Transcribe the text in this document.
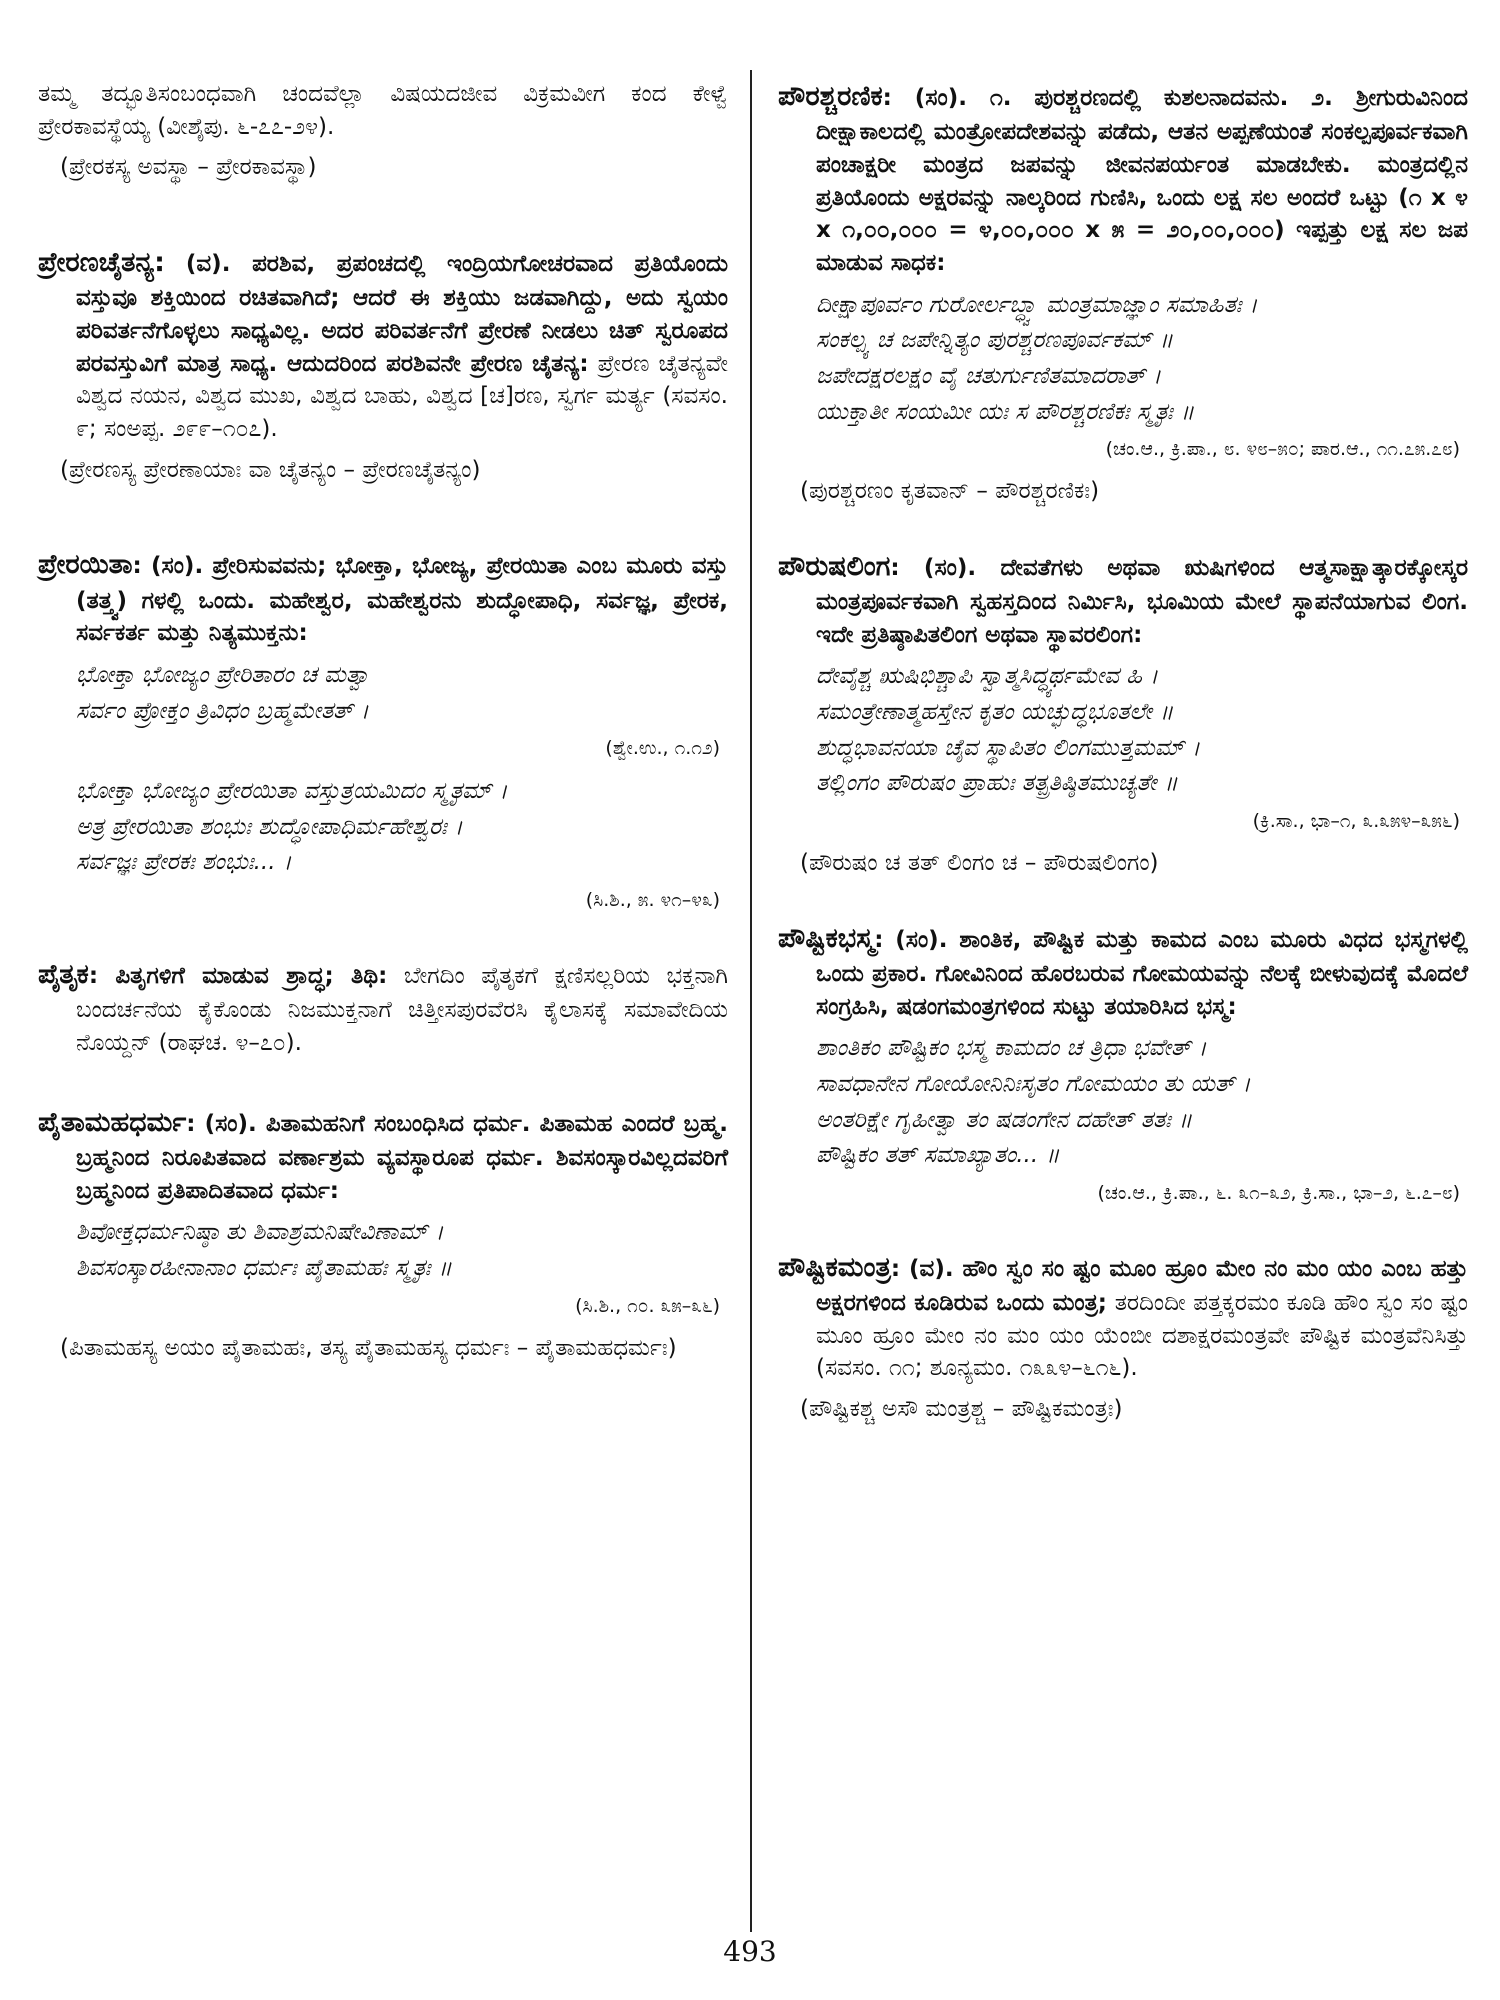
ತಮ್ಮ ತದ್ಭೂತಿಸಂಬಂಧವಾಗಿ ಚಂದವೆಲ್ಲಾ ವಿಷಯದಜೀವ ವಿಕ್ರಮವೀಗ ಕಂದ ಕೇಳ್ವೆ ಪ್ರೇರಕಾವಸ್ಥೆಯ್ಯ (ವೀಶೈಪು. ೬-೭೭-೨೪).
(ಪ್ರೇರಕಸ್ಯ ಅವಸ್ಥಾ – ಪ್ರೇರಕಾವಸ್ಥಾ)
ಪ್ರೇರಣಚೈತನ್ಯ: (ವ). ಪರಶಿವ, ಪ್ರಪಂಚದಲ್ಲಿ ಇಂದ್ರಿಯಗೋಚರವಾದ ಪ್ರತಿಯೊಂದು ವಸ್ತುವೂ ಶಕ್ತಿಯಿಂದ ರಚಿತವಾಗಿದೆ; ಆದರೆ ಈ ಶಕ್ತಿಯು ಜಡವಾಗಿದ್ದು, ಅದು ಸ್ವಯಂ ಪರಿವರ್ತನೆಗೊಳ್ಳಲು ಸಾಧ್ಯವಿಲ್ಲ. ಅದರ ಪರಿವರ್ತನೆಗೆ ಪ್ರೇರಣೆ ನೀಡಲು ಚಿತ್ ಸ್ವರೂಪದ ಪರವಸ್ತುವಿಗೆ ಮಾತ್ರ ಸಾಧ್ಯ. ಆದುದರಿಂದ ಪರಶಿವನೇ ಪ್ರೇರಣ ಚೈತನ್ಯ: ಪ್ರೇರಣ ಚೈತನ್ಯವೇ ವಿಶ್ವದ ನಯನ, ವಿಶ್ವದ ಮುಖ, ವಿಶ್ವದ ಬಾಹು, ವಿಶ್ವದ [ಚ]ರಣ, ಸ್ವರ್ಗ ಮರ್ತ್ಯ (ಸವಸಂ. ೯; ಸಂಅಪ್ಪ. ೨೯೯–೧೦೭).
(ಪ್ರೇರಣಸ್ಯ ಪ್ರೇರಣಾಯಾಃ ವಾ ಚೈತನ್ಯಂ – ಪ್ರೇರಣಚೈತನ್ಯಂ)
ಪ್ರೇರಯಿತಾ: (ಸಂ). ಪ್ರೇರಿಸುವವನು; ಭೋಕ್ತಾ, ಭೋಜ್ಯ, ಪ್ರೇರಯಿತಾ ಎಂಬ ಮೂರು ವಸ್ತು (ತತ್ತ್ವ) ಗಳಲ್ಲಿ ಒಂದು. ಮಹೇಶ್ವರ, ಮಹೇಶ್ವರನು ಶುದ್ಧೋಪಾಧಿ, ಸರ್ವಜ್ಞ, ಪ್ರೇರಕ, ಸರ್ವಕರ್ತ ಮತ್ತು ನಿತ್ಯಮುಕ್ತನು:
ಭೋಕ್ತಾ ಭೋಜ್ಯಂ ಪ್ರೇರಿತಾರಂ ಚ ಮತ್ವಾ
ಸರ್ವಂ ಪ್ರೋಕ್ತಂ ತ್ರಿವಿಧಂ ಬ್ರಹ್ಮಮೇತತ್ ।
(ಶ್ವೇ.ಉ., ೧.೧೨)
ಭೋಕ್ತಾ ಭೋಜ್ಯಂ ಪ್ರೇರಯಿತಾ ವಸ್ತುತ್ರಯಮಿದಂ ಸ್ಮೃತಮ್ ।
ಅತ್ರ ಪ್ರೇರಯಿತಾ ಶಂಭುಃ ಶುದ್ಧೋಪಾಧಿರ್ಮಹೇಶ್ವರಃ ।
ಸರ್ವಜ್ಞಃ ಪ್ರೇರಕಃ ಶಂಭುಃ... ।
(ಸಿ.ಶಿ., ೫. ೪೧–೪೩)
ಪೈತೃಕ: ಪಿತೃಗಳಿಗೆ ಮಾಡುವ ಶ್ರಾದ್ಧ; ತಿಥಿ: ಬೇಗದಿಂ ಪೈತೃಕಗೆ ಕ್ಷಣಿಸಲ್ಲರಿಯ ಭಕ್ತನಾಗಿ ಬಂದರ್ಚನೆಯ ಕೈಕೊಂಡು ನಿಜಮುಕ್ತನಾಗೆ ಚಿತ್ತೀಸಪುರವೆರಸಿ ಕೈಲಾಸಕ್ಕೆ ಸಮಾವೇದಿಯ ನೊಯ್ದನ್ (ರಾಘಚ. ೪–೭೦).
ಪೈತಾಮಹಧರ್ಮ: (ಸಂ). ಪಿತಾಮಹನಿಗೆ ಸಂಬಂಧಿಸಿದ ಧರ್ಮ. ಪಿತಾಮಹ ಎಂದರೆ ಬ್ರಹ್ಮ. ಬ್ರಹ್ಮನಿಂದ ನಿರೂಪಿತವಾದ ವರ್ಣಾಶ್ರಮ ವ್ಯವಸ್ಥಾರೂಪ ಧರ್ಮ. ಶಿವಸಂಸ್ಕಾರವಿಲ್ಲದವರಿಗೆ ಬ್ರಹ್ಮನಿಂದ ಪ್ರತಿಪಾದಿತವಾದ ಧರ್ಮ:
ಶಿವೋಕ್ತಧರ್ಮನಿಷ್ಠಾ ತು ಶಿವಾಶ್ರಮನಿಷೇವಿಣಾಮ್ ।
ಶಿವಸಂಸ್ಕಾರಹೀನಾನಾಂ ಧರ್ಮಃ ಪೈತಾಮಹಃ ಸ್ಮೃತಃ ॥
(ಸಿ.ಶಿ., ೧೦. ೩೫–೩೬)
(ಪಿತಾಮಹಸ್ಯ ಅಯಂ ಪೈತಾಮಹಃ, ತಸ್ಯ ಪೈತಾಮಹಸ್ಯ ಧರ್ಮಃ – ಪೈತಾಮಹಧರ್ಮಃ)
ಪೌರಶ್ಚರಣಿಕ: (ಸಂ). ೧. ಪುರಶ್ಚರಣದಲ್ಲಿ ಕುಶಲನಾದವನು. ೨. ಶ್ರೀಗುರುವಿನಿಂದ ದೀಕ್ಷಾಕಾಲದಲ್ಲಿ ಮಂತ್ರೋಪದೇಶವನ್ನು ಪಡೆದು, ಆತನ ಅಪ್ಪಣೆಯಂತೆ ಸಂಕಲ್ಪಪೂರ್ವಕವಾಗಿ ಪಂಚಾಕ್ಷರೀ ಮಂತ್ರದ ಜಪವನ್ನು ಜೀವನಪರ್ಯಂತ ಮಾಡಬೇಕು. ಮಂತ್ರದಲ್ಲಿನ ಪ್ರತಿಯೊಂದು ಅಕ್ಷರವನ್ನು ನಾಲ್ಕರಿಂದ ಗುಣಿಸಿ, ಒಂದು ಲಕ್ಷ ಸಲ ಅಂದರೆ ಒಟ್ಟು (೧ x ೪ x ೧,೦೦,೦೦೦ = ೪,೦೦,೦೦೦ x ೫ = ೨೦,೦೦,೦೦೦) ಇಪ್ಪತ್ತು ಲಕ್ಷ ಸಲ ಜಪ ಮಾಡುವ ಸಾಧಕ:
ದೀಕ್ಷಾಪೂರ್ವಂ ಗುರೋರ್ಲಬ್ಧ್ವಾ ಮಂತ್ರಮಾಜ್ಞಾಂ ಸಮಾಹಿತಃ ।
ಸಂಕಲ್ಪ್ಯ ಚ ಜಪೇನ್ನಿತ್ಯಂ ಪುರಶ್ಚರಣಪೂರ್ವಕಮ್ ॥
ಜಪೇದಕ್ಷರಲಕ್ಷಂ ವೈ ಚತುರ್ಗುಣಿತಮಾದರಾತ್ ।
ಯುಕ್ತಾತೀ ಸಂಯಮೀ ಯಃ ಸ ಪೌರಶ್ಚರಣಿಕಃ ಸ್ಮೃತಃ ॥
(ಚಂ.ಆ., ಕ್ರಿ.ಪಾ., ೮. ೪೮–೫೦; ಪಾರ.ಆ., ೧೧.೭೫.೭೮)
(ಪುರಶ್ಚರಣಂ ಕೃತವಾನ್ – ಪೌರಶ್ಚರಣಿಕಃ)
ಪೌರುಷಲಿಂಗ: (ಸಂ). ದೇವತೆಗಳು ಅಥವಾ ಋಷಿಗಳಿಂದ ಆತ್ಮಸಾಕ್ಷಾತ್ಕಾರಕ್ಕೋಸ್ಕರ ಮಂತ್ರಪೂರ್ವಕವಾಗಿ ಸ್ವಹಸ್ತದಿಂದ ನಿರ್ಮಿಸಿ, ಭೂಮಿಯ ಮೇಲೆ ಸ್ಥಾಪನೆಯಾಗುವ ಲಿಂಗ. ಇದೇ ಪ್ರತಿಷ್ಠಾಪಿತಲಿಂಗ ಅಥವಾ ಸ್ಥಾವರಲಿಂಗ:
ದೇವೈಶ್ಚ ಋಷಿಭಿಶ್ಚಾಪಿ ಸ್ವಾತ್ಮಸಿದ್ಧ್ಯರ್ಥಮೇವ ಹಿ ।
ಸಮಂತ್ರೇಣಾತ್ಮಹಸ್ತೇನ ಕೃತಂ ಯಚ್ಛುದ್ಧಭೂತಲೇ ॥
ಶುದ್ಧಭಾವನಯಾ ಚೈವ ಸ್ಥಾಪಿತಂ ಲಿಂಗಮುತ್ತಮಮ್ ।
ತಲ್ಲಿಂಗಂ ಪೌರುಷಂ ಪ್ರಾಹುಃ ತತ್ಪ್ರತಿಷ್ಠಿತಮುಚ್ಯತೇ ॥
(ಕ್ರಿ.ಸಾ., ಭಾ–೧, ೩.೩೫೪–೩೫೬)
(ಪೌರುಷಂ ಚ ತತ್ ಲಿಂಗಂ ಚ – ಪೌರುಷಲಿಂಗಂ)
ಪೌಷ್ಟಿಕಭಸ್ಮ: (ಸಂ). ಶಾಂತಿಕ, ಪೌಷ್ಟಿಕ ಮತ್ತು ಕಾಮದ ಎಂಬ ಮೂರು ವಿಧದ ಭಸ್ಮಗಳಲ್ಲಿ ಒಂದು ಪ್ರಕಾರ. ಗೋವಿನಿಂದ ಹೊರಬರುವ ಗೋಮಯವನ್ನು ನೆಲಕ್ಕೆ ಬೀಳುವುದಕ್ಕೆ ಮೊದಲೆ ಸಂಗ್ರಹಿಸಿ, ಷಡಂಗಮಂತ್ರಗಳಿಂದ ಸುಟ್ಟು ತಯಾರಿಸಿದ ಭಸ್ಮ:
ಶಾಂತಿಕಂ ಪೌಷ್ಟಿಕಂ ಭಸ್ಮ ಕಾಮದಂ ಚ ತ್ರಿಧಾ ಭವೇತ್ ।
ಸಾವಧಾನೇನ ಗೋಯೋನಿನಿಃಸೃತಂ ಗೋಮಯಂ ತು ಯತ್ ।
ಅಂತರಿಕ್ಷೇ ಗೃಹೀತ್ವಾ ತಂ ಷಡಂಗೇನ ದಹೇತ್ ತತಃ ॥
ಪೌಷ್ಟಿಕಂ ತತ್ ಸಮಾಖ್ಯಾತಂ... ॥
(ಚಂ.ಆ., ಕ್ರಿ.ಪಾ., ೬. ೩೧–೩೨, ಕ್ರಿ.ಸಾ., ಭಾ–೨, ೬.೭–೮)
ಪೌಷ್ಟಿಕಮಂತ್ರ: (ವ). ಹೌಂ ಸ್ವಂ ಸಂ ಷ್ಟಂ ಮೂಂ ಹ್ರೂಂ ಮೇಂ ನಂ ಮಂ ಯಂ ಎಂಬ ಹತ್ತು ಅಕ್ಷರಗಳಿಂದ ಕೂಡಿರುವ ಒಂದು ಮಂತ್ರ; ತರದಿಂದೀ ಪತ್ತಕ್ಕರಮಂ ಕೂಡಿ ಹೌಂ ಸ್ವಂ ಸಂ ಷ್ಟಂ ಮೂಂ ಹ್ರೂಂ ಮೇಂ ನಂ ಮಂ ಯಂ ಯೆಂಬೀ ದಶಾಕ್ಷರಮಂತ್ರವೇ ಪೌಷ್ಟಿಕ ಮಂತ್ರವೆನಿಸಿತ್ತು (ಸವಸಂ. ೧೧; ಶೂನ್ಯಮಂ. ೧೩೩೪–೬೧೬).
(ಪೌಷ್ಟಿಕಶ್ಚ ಅಸೌ ಮಂತ್ರಶ್ಚ – ಪೌಷ್ಟಿಕಮಂತ್ರಃ)
493
